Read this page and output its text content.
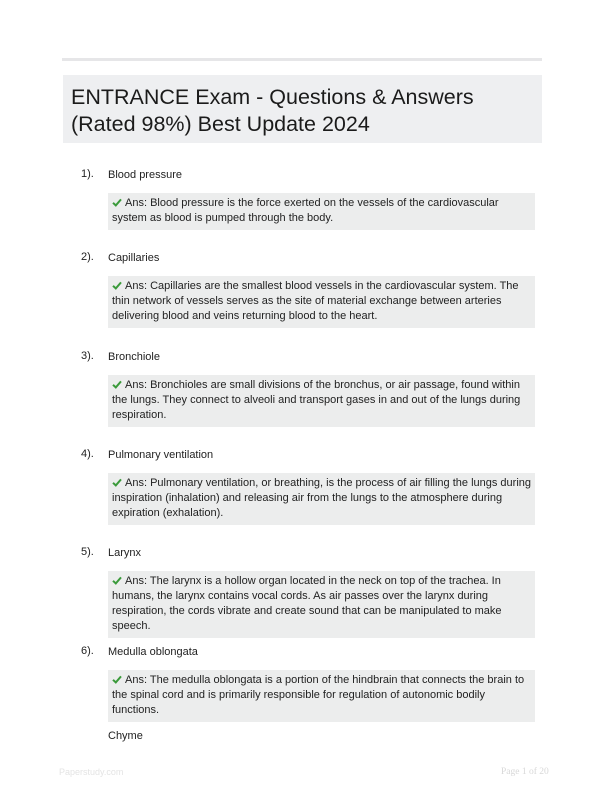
ENTRANCE Exam - Questions & Answers (Rated 98%) Best Update 2024
1). Blood pressure
Ans: Blood pressure is the force exerted on the vessels of the cardiovascular system as blood is pumped through the body.
2). Capillaries
Ans: Capillaries are the smallest blood vessels in the cardiovascular system. The thin network of vessels serves as the site of material exchange between arteries delivering blood and veins returning blood to the heart.
3). Bronchiole
Ans: Bronchioles are small divisions of the bronchus, or air passage, found within the lungs. They connect to alveoli and transport gases in and out of the lungs during respiration.
4). Pulmonary ventilation
Ans: Pulmonary ventilation, or breathing, is the process of air filling the lungs during inspiration (inhalation) and releasing air from the lungs to the atmosphere during expiration (exhalation).
5). Larynx
Ans: The larynx is a hollow organ located in the neck on top of the trachea. In humans, the larynx contains vocal cords. As air passes over the larynx during respiration, the cords vibrate and create sound that can be manipulated to make speech.
6). Medulla oblongata
Ans: The medulla oblongata is a portion of the hindbrain that connects the brain to the spinal cord and is primarily responsible for regulation of autonomic bodily functions.
Chyme
Paperstudy.com	Page 1 of 20
